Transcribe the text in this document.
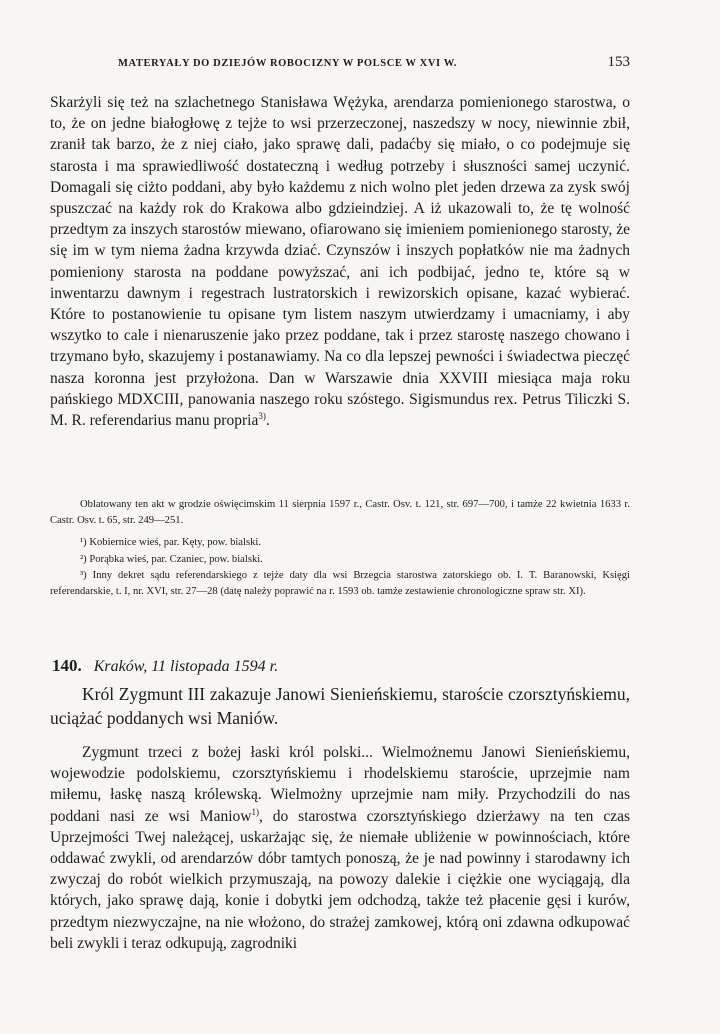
MATERYAŁY DO DZIEJÓW ROBOCIZNY W POLSCE W XVI W.	153

Skarżyli się też na szlachetnego Stanisława Wężyka, arendarza pomienionego starostwa, o to, że on jedne białogłowę z tejże to wsi przerzeczonej, naszedszy w nocy, niewinnie zbił, zranił tak barzo, że z niej ciało, jako sprawę dali, padaćby się miało, o co podejmuje się starosta i ma sprawiedliwość dostateczną i według potrzeby i słuszności samej uczynić. Domagali się ciżto poddani, aby było każdemu z nich wolno plet jeden drzewa za zysk swój spuszczać na każdy rok do Krakowa albo gdzieindziej. A iż ukazowali to, że tę wolność przedtym za inszych starostów miewano, ofiarowano się imieniem pomienionego starosty, że się im w tym niema żadna krzywda dziać. Czynszów i inszych popłatków nie ma żadnych pomieniony starosta na poddane powyższać, ani ich podbijać, jedno te, które są w inwentarzu dawnym i regestrach lustratorskich i rewizorskich opisane, kazać wybierać. Które to postanowienie tu opisane tym listem naszym utwierdzamy i umacniamy, i aby wszytko to cale i nienaruszenie jako przez poddane, tak i przez starostę naszego chowano i trzymano było, skazujemy i postanawiamy. Na co dla lepszej pewności i świadectwa pieczęć nasza koronna jest przyłożona. Dan w Warszawie dnia XXVIII miesiąca maja roku pańskiego MDXCIII, panowania naszego roku szóstego. Sigismundus rex. Petrus Tiliczki S. M. R. referendarius manu propria$^{3)}$.

Oblatowany ten akt w grodzie oświęcimskim 11 sierpnia 1597 r., Castr. Osv. t. 121, str. 697—700, i tamże 22 kwietnia 1633 r. Castr. Osv. t. 65, str. 249—251.

¹) Kobiernice wieś, par. Kęty, pow. bialski.

²) Porąbka wieś, par. Czaniec, pow. bialski.

³) Inny dekret sądu referendarskiego z tejże daty dla wsi Brzegcia starostwa zatorskiego ob. I. T. Baranowski, Księgi referendarskie, t. I, nr. XVI, str. 27—28 (datę należy poprawić na r. 1593 ob. tamże zestawienie chronologiczne spraw str. XI).

140. Kraków, 11 listopada 1594 r.
Król Zygmunt III zakazuje Janowi Sienieńskiemu, staroście czorsztyńskiemu, uciążać poddanych wsi Maniów.
Zygmunt trzeci z bożej łaski król polski... Wielmożnemu Janowi Sienieńskiemu, wojewodzie podolskiemu, czorsztyńskiemu i rhodelskiemu staroście, uprzejmie nam miłemu, łaskę naszą królewską. Wielmożny uprzejmie nam miły. Przychodzili do nas poddani nasi ze wsi Maniow$^{1)}$, do starostwa czorsztyńskiego dzierżawy na ten czas Uprzejmości Twej należącej, uskarżając się, że niemałe ubliżenie w powinnościach, które oddawać zwykli, od arendarzów dóbr tamtych ponoszą, że je nad powinny i starodawny ich zwyczaj do robót wielkich przymuszają, na powozy dalekie i ciężkie one wyciągają, dla których, jako sprawę dają, konie i dobytki jem odchodzą, także też płacenie gęsi i kurów, przedtym niezwyczajne, na nie włożono, do strażej zamkowej, którą oni zdawna odkupować beli zwykli i teraz odkupują, zagrodniki
